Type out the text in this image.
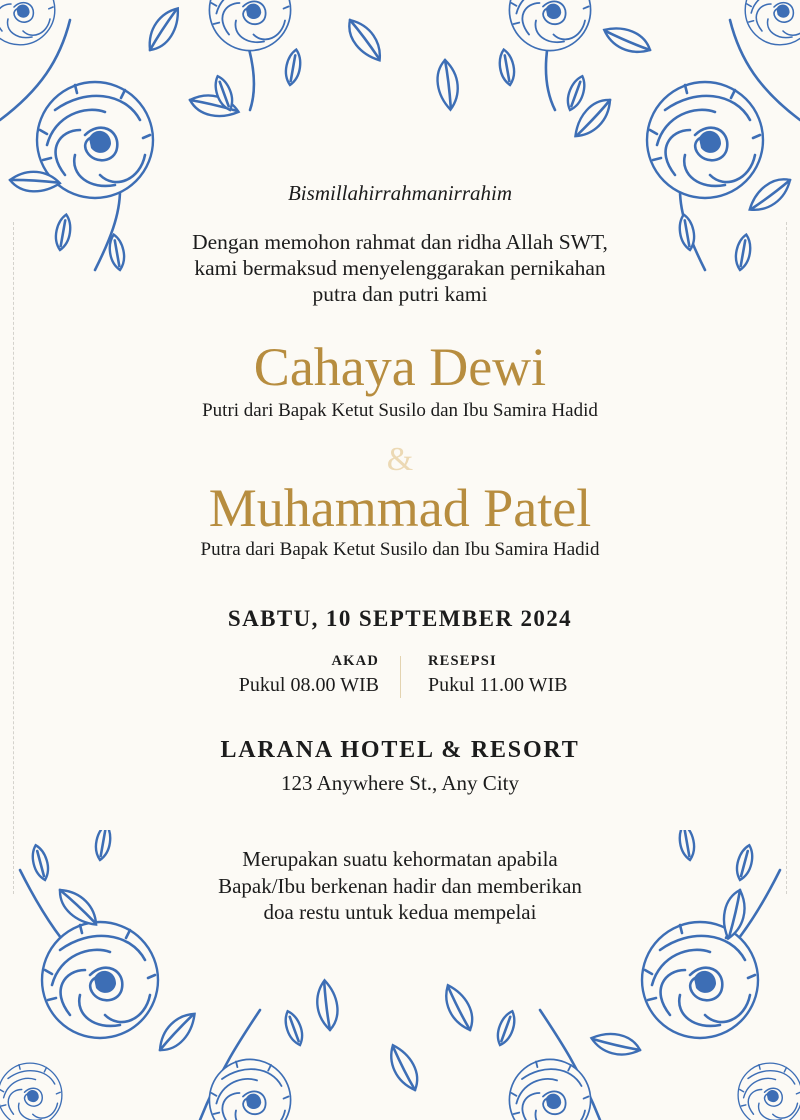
Bismillahirrahmanirrahim
Dengan memohon rahmat dan ridha Allah SWT,
kami bermaksud menyelenggarakan pernikahan
putra dan putri kami
Cahaya Dewi
Putri dari Bapak Ketut Susilo dan Ibu Samira Hadid
&
Muhammad Patel
Putra dari Bapak Ketut Susilo dan Ibu Samira Hadid
SABTU, 10 SEPTEMBER 2024
AKAD
Pukul 08.00 WIB
RESEPSI
Pukul 11.00 WIB
LARANA HOTEL & RESORT
123 Anywhere St., Any City
Merupakan suatu kehormatan apabila
Bapak/Ibu berkenan hadir dan memberikan
doa restu untuk kedua mempelai
